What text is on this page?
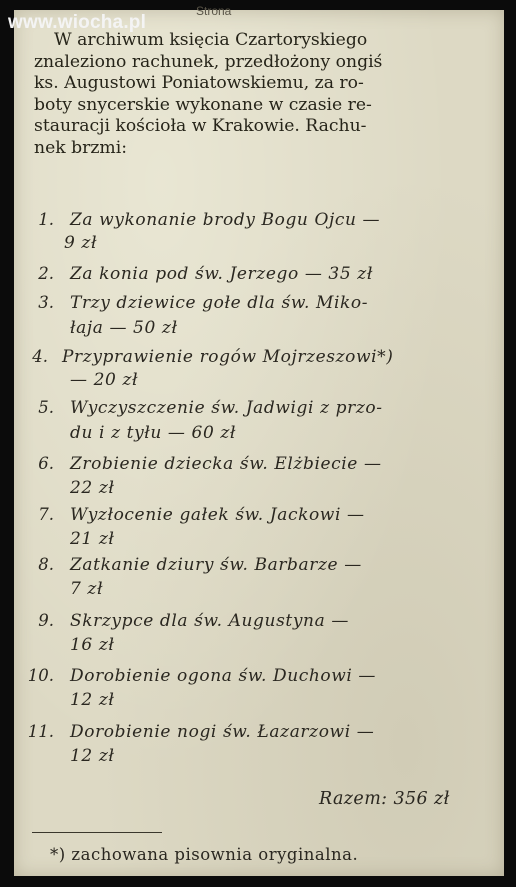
www.wiocha.pl
Strona
W archiwum księcia Czartoryskiego
znaleziono rachunek, przedłożony ongiś
ks. Augustowi Poniatowskiemu, za ro-
boty snycerskie wykonane w czasie re-
stauracji kościoła w Krakowie. Rachu-
nek brzmi:
1. Za wykonanie brody Bogu Ojcu —
9 zł
2. Za konia pod św. Jerzego — 35 zł
3. Trzy dziewice gołe dla św. Miko-
łaja — 50 zł
4. Przyprawienie rogów Mojrzeszowi*)
— 20 zł
5. Wyczyszczenie św. Jadwigi z przo-
du i z tyłu — 60 zł
6. Zrobienie dziecka św. Elżbiecie —
22 zł
7. Wyzłocenie gałek św. Jackowi —
21 zł
8. Zatkanie dziury św. Barbarze —
7 zł
9. Skrzypce dla św. Augustyna —
16 zł
10. Dorobienie ogona św. Duchowi —
12 zł
11. Dorobienie nogi św. Łazarzowi —
12 zł
Razem: 356 zł
*) zachowana pisownia oryginalna.
